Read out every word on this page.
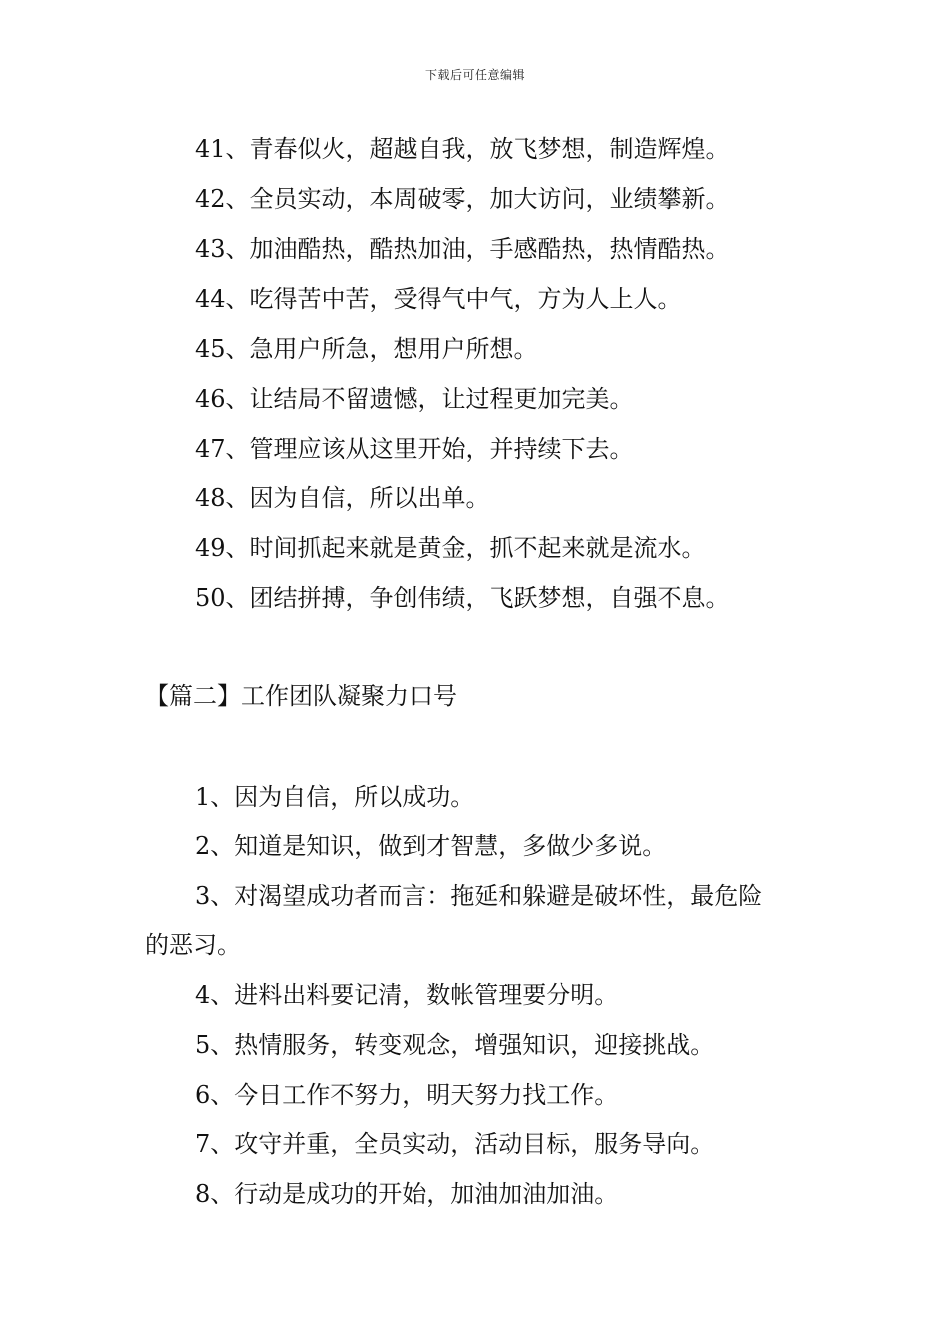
下载后可任意编辑
41、青春似火，超越自我，放飞梦想，制造辉煌。
42、全员实动，本周破零，加大访问，业绩攀新。
43、加油酷热，酷热加油，手感酷热，热情酷热。
44、吃得苦中苦，受得气中气，方为人上人。
45、急用户所急，想用户所想。
46、让结局不留遗憾，让过程更加完美。
47、管理应该从这里开始，并持续下去。
48、因为自信，所以出单。
49、时间抓起来就是黄金，抓不起来就是流水。
50、团结拼搏，争创伟绩，飞跃梦想，自强不息。
【篇二】工作团队凝聚力口号
1、因为自信，所以成功。
2、知道是知识，做到才智慧，多做少多说。
3、对渴望成功者而言：拖延和躲避是破坏性，最危险
的恶习。
4、进料出料要记清，数帐管理要分明。
5、热情服务，转变观念，增强知识，迎接挑战。
6、今日工作不努力，明天努力找工作。
7、攻守并重，全员实动，活动目标，服务导向。
8、行动是成功的开始，加油加油加油。
